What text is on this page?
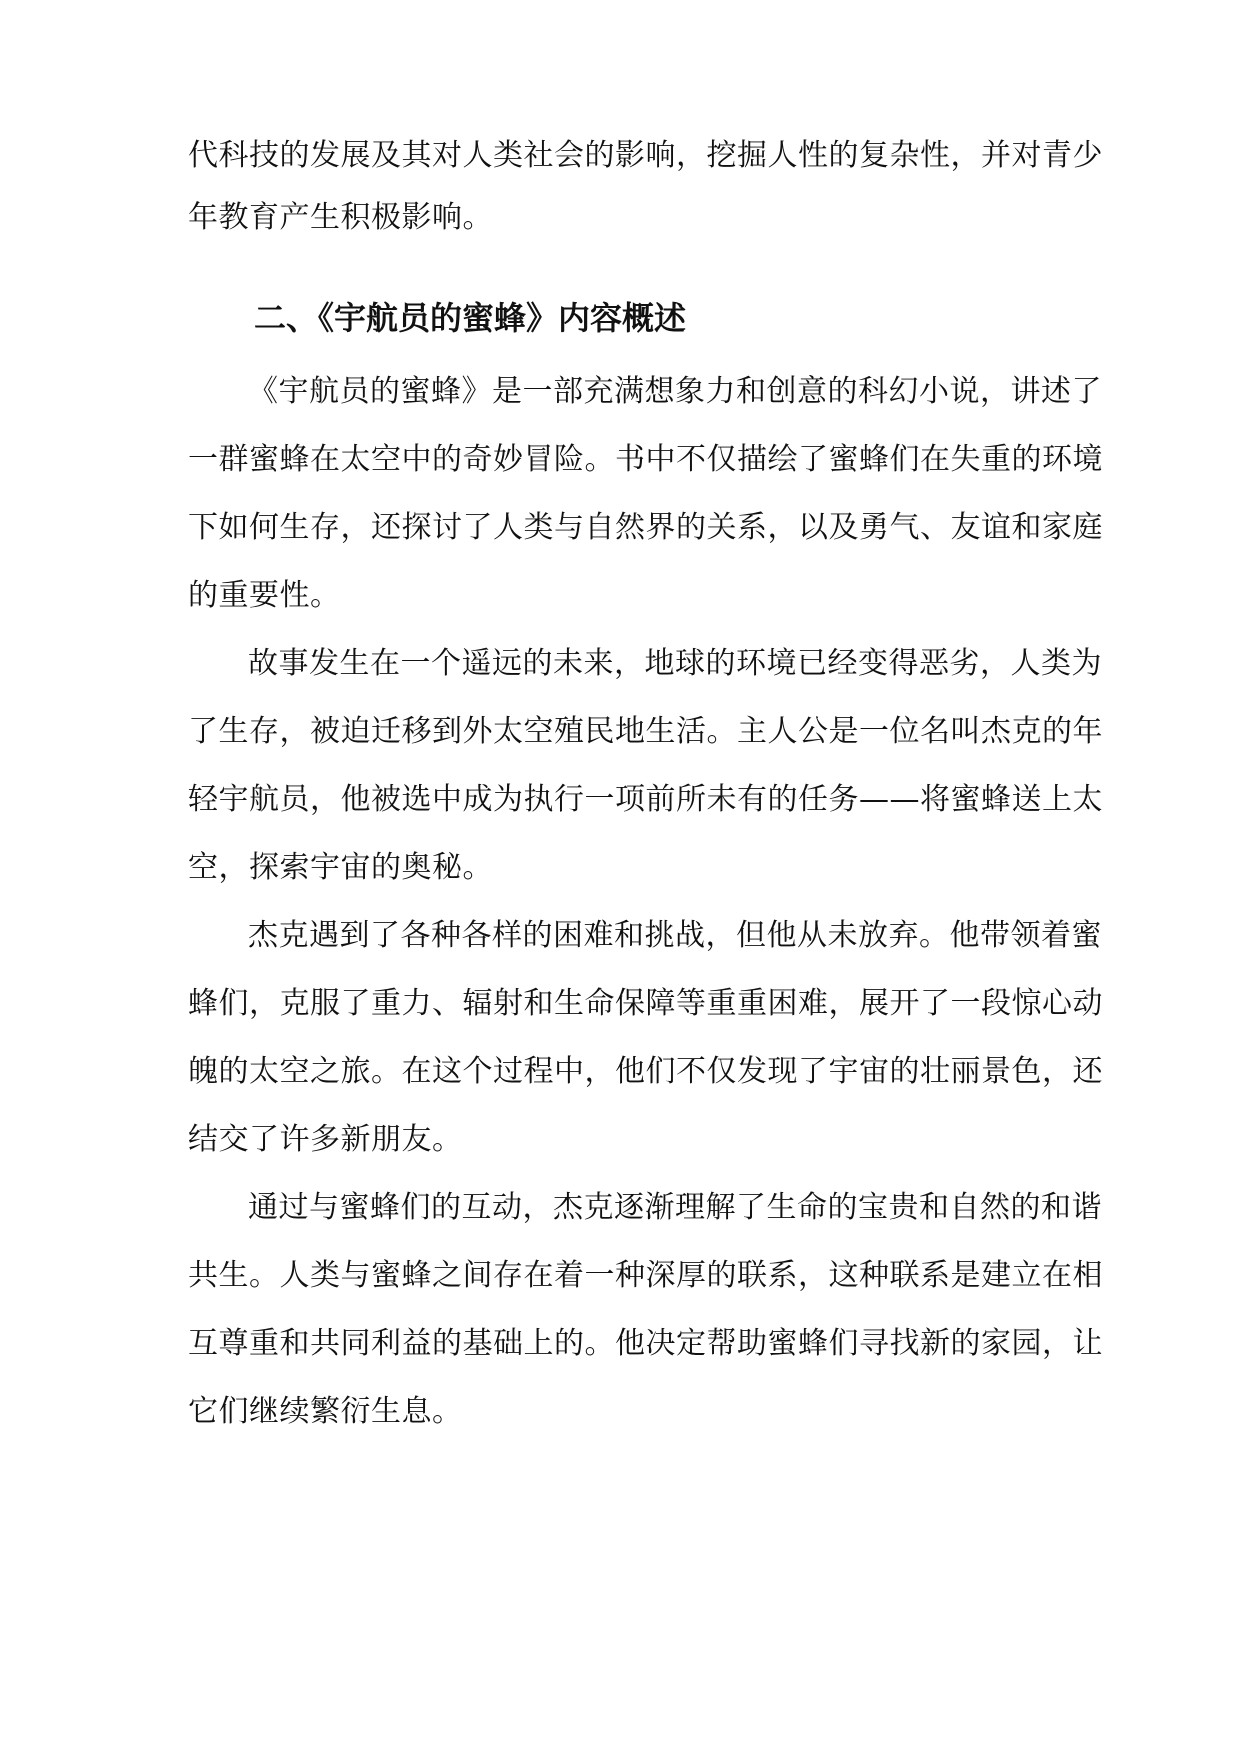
代科技的发展及其对人类社会的影响，挖掘人性的复杂性，并对青少
年教育产生积极影响。
二、《宇航员的蜜蜂》内容概述
《宇航员的蜜蜂》是一部充满想象力和创意的科幻小说，讲述了
一群蜜蜂在太空中的奇妙冒险。书中不仅描绘了蜜蜂们在失重的环境
下如何生存，还探讨了人类与自然界的关系，以及勇气、友谊和家庭
的重要性。
故事发生在一个遥远的未来，地球的环境已经变得恶劣，人类为
了生存，被迫迁移到外太空殖民地生活。主人公是一位名叫杰克的年
轻宇航员，他被选中成为执行一项前所未有的任务——将蜜蜂送上太
空，探索宇宙的奥秘。
杰克遇到了各种各样的困难和挑战，但他从未放弃。他带领着蜜
蜂们，克服了重力、辐射和生命保障等重重困难，展开了一段惊心动
魄的太空之旅。在这个过程中，他们不仅发现了宇宙的壮丽景色，还
结交了许多新朋友。
通过与蜜蜂们的互动，杰克逐渐理解了生命的宝贵和自然的和谐
共生。人类与蜜蜂之间存在着一种深厚的联系，这种联系是建立在相
互尊重和共同利益的基础上的。他决定帮助蜜蜂们寻找新的家园，让
它们继续繁衍生息。
